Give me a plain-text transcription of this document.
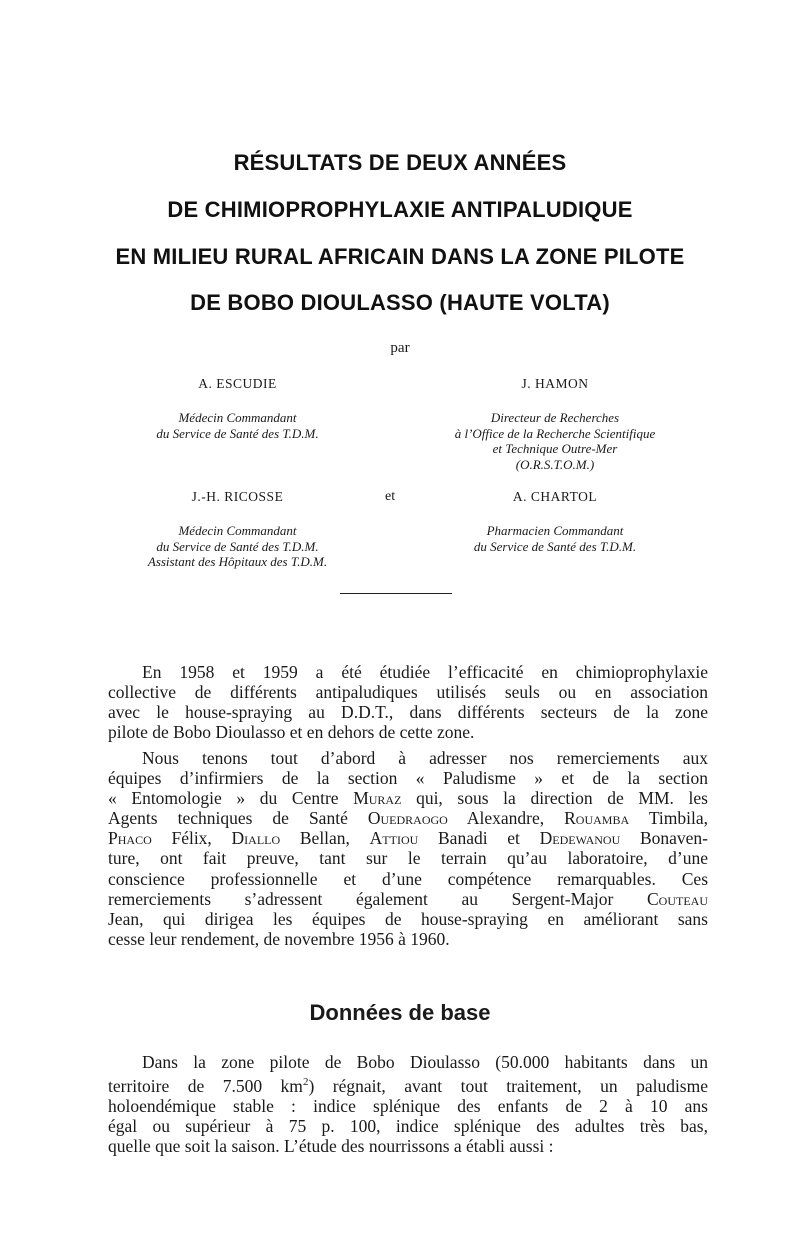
RÉSULTATS DE DEUX ANNÉES
DE CHIMIOPROPHYLAXIE ANTIPALUDIQUE
EN MILIEU RURAL AFRICAIN DANS LA ZONE PILOTE
DE BOBO DIOULASSO (HAUTE VOLTA)
par
A. ESCUDIE
Médecin Commandant
du Service de Santé des T.D.M.
J. HAMON
Directeur de Recherches
à l’Office de la Recherche Scientifique
et Technique Outre-Mer
(O.R.S.T.O.M.)
et
J.-H. RICOSSE
Médecin Commandant
du Service de Santé des T.D.M.
Assistant des Hôpitaux des T.D.M.
A. CHARTOL
Pharmacien Commandant
du Service de Santé des T.D.M.
En 1958 et 1959 a été étudiée l’efficacité en chimioprophylaxie
collective de différents antipaludiques utilisés seuls ou en association
avec le house-spraying au D.D.T., dans différents secteurs de la zone
pilote de Bobo Dioulasso et en dehors de cette zone.
Nous tenons tout d’abord à adresser nos remerciements aux
équipes d’infirmiers de la section « Paludisme » et de la section
« Entomologie » du Centre Muraz qui, sous la direction de MM. les
Agents techniques de Santé Ouedraogo Alexandre, Rouamba Timbila,
Phaco Félix, Diallo Bellan, Attiou Banadi et Dedewanou Bonaven-
ture, ont fait preuve, tant sur le terrain qu’au laboratoire, d’une
conscience professionnelle et d’une compétence remarquables. Ces
remerciements s’adressent également au Sergent-Major Couteau
Jean, qui dirigea les équipes de house-spraying en améliorant sans
cesse leur rendement, de novembre 1956 à 1960.
Données de base
Dans la zone pilote de Bobo Dioulasso (50.000 habitants dans un
territoire de 7.500 $km^2$) régnait, avant tout traitement, un paludisme
holoendémique stable : indice splénique des enfants de 2 à 10 ans
égal ou supérieur à 75 p. 100, indice splénique des adultes très bas,
quelle que soit la saison. L’étude des nourrissons a établi aussi :
